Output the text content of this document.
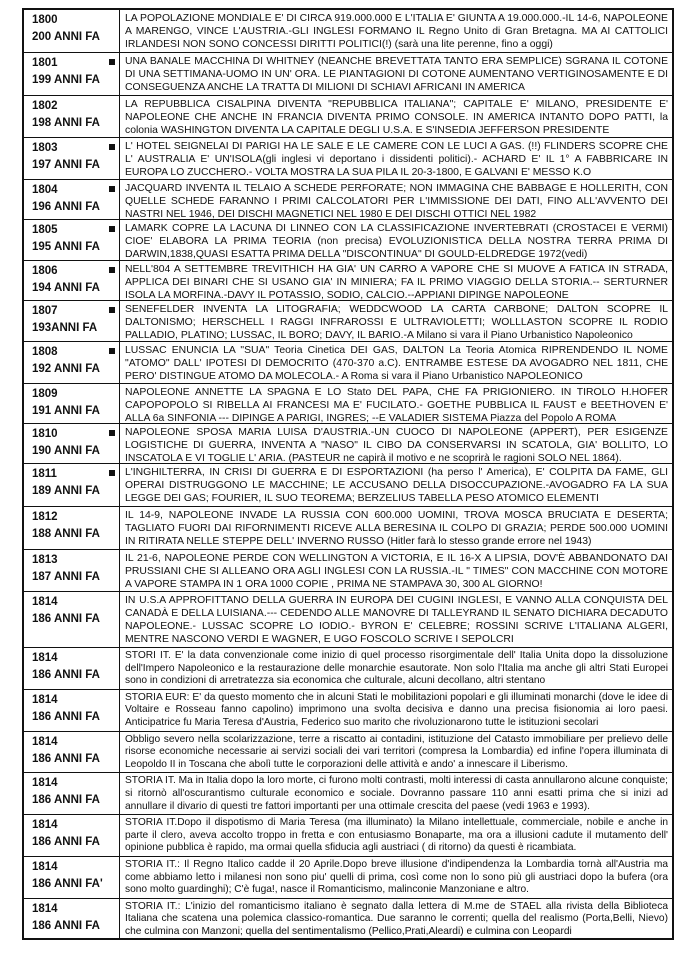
1800
200 ANNI FA
LA POPOLAZIONE MONDIALE E' DI CIRCA 919.000.000 E L'ITALIA E' GIUNTA A 19.000.000.-IL 14-6, NAPOLEONE A MARENGO, VINCE L'AUSTRIA.-GLI INGLESI FORMANO IL Regno Unito di Gran Bretagna. MA AI CATTOLICI IRLANDESI NON SONO CONCESSI DIRITTI POLITICI(!) (sarà una lite perenne, fino a oggi)
1801
199 ANNI FA
UNA BANALE MACCHINA DI WHITNEY (NEANCHE BREVETTATA TANTO ERA SEMPLICE) SGRANA IL COTONE DI UNA SETTIMANA-UOMO IN UN' ORA. LE PIANTAGIONI DI COTONE AUMENTANO VERTIGINOSAMENTE E DI CONSEGUENZA ANCHE LA TRATTA DI MILIONI DI SCHIAVI AFRICANI IN AMERICA
1802
198 ANNI FA
LA REPUBBLICA CISALPINA DIVENTA "REPUBBLICA ITALIANA"; CAPITALE E' MILANO, PRESIDENTE E' NAPOLEONE CHE ANCHE IN FRANCIA DIVENTA PRIMO CONSOLE. IN AMERICA INTANTO DOPO PATTI, la colonia WASHINGTON DIVENTA LA CAPITALE DEGLI U.S.A. E S'INSEDIA JEFFERSON PRESIDENTE
1803
197 ANNI FA
L' HOTEL SEIGNELAI DI PARIGI HA LE SALE E LE CAMERE CON LE LUCI A GAS. (!!) FLINDERS SCOPRE CHE L' AUSTRALIA E' UN'ISOLA(gli inglesi vi deportano i dissidenti politici).- ACHARD E' IL 1° A FABBRICARE IN EUROPA LO ZUCCHERO.- VOLTA MOSTRA LA SUA PILA IL 20-3-1800, E GALVANI E' MESSO K.O
1804
196 ANNI FA
JACQUARD INVENTA IL TELAIO A SCHEDE PERFORATE; NON IMMAGINA CHE BABBAGE E HOLLERITH, CON QUELLE SCHEDE FARANNO I PRIMI CALCOLATORI PER L'IMMISSIONE DEI DATI, FINO ALL'AVVENTO DEI NASTRI NEL 1946, DEI DISCHI MAGNETICI NEL 1980 E DEI DISCHI OTTICI NEL 1982
1805
195 ANNI FA
LAMARK COPRE LA LACUNA DI LINNEO CON LA CLASSIFICAZIONE INVERTEBRATI (CROSTACEI E VERMI) CIOE' ELABORA LA PRIMA TEORIA (non precisa) EVOLUZIONISTICA DELLA NOSTRA TERRA PRIMA DI DARWIN,1838,QUASI ESATTA PRIMA DELLA "DISCONTINUA" DI GOULD-ELDREDGE 1972(vedi)
1806
194 ANNI FA
NELL'804 A SETTEMBRE TREVITHICH HA GIA' UN CARRO A VAPORE CHE SI MUOVE A FATICA IN STRADA, APPLICA DEI BINARI CHE SI USANO GIA' IN MINIERA; FA IL PRIMO VIAGGIO DELLA STORIA.-- SERTURNER ISOLA LA MORFINA.-DAVY IL POTASSIO, SODIO, CALCIO.--APPIANI DIPINGE NAPOLEONE
1807
193ANNI FA
SENEFELDER INVENTA LA LITOGRAFIA; WEDDCWOOD LA CARTA CARBONE; DALTON SCOPRE IL DALTONISMO; HERSCHELL I RAGGI INFRAROSSI E ULTRAVIOLETTI; WOLLLASTON SCOPRE IL RODIO PALLADIO, PLATINO; LUSSAC, IL BORO; DAVY, IL BARIO.-A Milano si vara il Piano Urbanistico Napoleonico
1808
192 ANNI FA
LUSSAC ENUNCIA LA "SUA" Teoria Cinetica DEI GAS, DALTON La Teoria Atomica RIPRENDENDO IL NOME "ATOMO" DALL' IPOTESI DI DEMOCRITO (470-370 a.C). ENTRAMBE ESTESE DA AVOGADRO NEL 1811, CHE PERO' DISTINGUE ATOMO DA MOLECOLA.- A Roma si vara il Piano Urbanistico NAPOLEONICO
1809
191 ANNI FA
NAPOLEONE ANNETTE LA SPAGNA E LO Stato DEL PAPA, CHE FA PRIGIONIERO. IN TIROLO H.HOFER CAPOPOPOLO SI RIBELLA AI FRANCESI MA E' FUCILATO.- GOETHE PUBBLICA IL FAUST e BEETHOVEN E' ALLA 6a SINFONIA --- DIPINGE A PARIGI, INGRES; --E VALADIER SISTEMA Piazza del Popolo A ROMA
1810
190 ANNI FA
NAPOLEONE SPOSA MARIA LUISA D'AUSTRIA.-UN CUOCO DI NAPOLEONE (APPERT), PER ESIGENZE LOGISTICHE DI GUERRA, INVENTA A "NASO" IL CIBO DA CONSERVARSI IN SCATOLA, GIA' BOLLITO, LO INSCATOLA E VI TOGLIE L' ARIA. (PASTEUR ne capirà il motivo e ne scoprirà le ragioni SOLO NEL 1864).
1811
189 ANNI FA
L'INGHILTERRA, IN CRISI DI GUERRA E DI ESPORTAZIONI (ha perso l' America), E' COLPITA DA FAME, GLI OPERAI DISTRUGGONO LE MACCHINE; LE ACCUSANO DELLA DISOCCUPAZIONE.-AVOGADRO FA LA SUA LEGGE DEI GAS; FOURIER, IL SUO TEOREMA; BERZELIUS TABELLA PESO ATOMICO ELEMENTI
1812
188 ANNI FA
IL 14-9, NAPOLEONE INVADE LA RUSSIA CON 600.000 UOMINI, TROVA MOSCA BRUCIATA E DESERTA; TAGLIATO FUORI DAI RIFORNIMENTI RICEVE ALLA BERESINA IL COLPO DI GRAZIA; PERDE 500.000 UOMINI IN RITIRATA NELLE STEPPE DELL' INVERNO RUSSO (Hitler farà lo stesso grande errore nel 1943)
1813
187 ANNI FA
IL 21-6, NAPOLEONE PERDE CON WELLINGTON A VICTORIA, E IL 16-X A LIPSIA, DOV'È ABBANDONATO DAI PRUSSIANI CHE SI ALLEANO ORA AGLI INGLESI CON LA RUSSIA.-IL " TIMES" CON MACCHINE CON MOTORE A VAPORE STAMPA IN 1 ORA 1000 COPIE , PRIMA NE STAMPAVA 30, 300 AL GIORNO!
1814
186 ANNI FA
IN U.S.A APPROFITTANO DELLA GUERRA IN EUROPA DEI CUGINI INGLESI, E VANNO ALLA CONQUISTA DEL CANADÀ E DELLA LUISIANA.--- CEDENDO ALLE MANOVRE DI TALLEYRAND IL SENATO DICHIARA DECADUTO NAPOLEONE.- LUSSAC SCOPRE LO IODIO.- BYRON E' CELEBRE; ROSSINI SCRIVE L'ITALIANA ALGERI, MENTRE NASCONO VERDI E WAGNER, E UGO FOSCOLO SCRIVE I SEPOLCRI
1814
186 ANNI FA
STORI IT. E' la data convenzionale come inizio di quel processo risorgimentale dell' Italia Unita dopo la dissoluzione dell'Impero Napoleonico e la restaurazione delle monarchie esautorate. Non solo l'Italia ma anche gli altri Stati Europei sono in condizioni di arretratezza sia economica che culturale, alcuni decollano, altri stentano
1814
186 ANNI FA
STORIA EUR: E' da questo momento che in alcuni Stati le mobilitazioni popolari e gli illuminati monarchi (dove le idee di Voltaire e Rosseau fanno capolino) imprimono una svolta decisiva e danno una precisa fisionomia ai loro paesi. Anticipatrice fu Maria Teresa d'Austria, Federico suo marito che rivoluzionarono tutte le istituzioni secolari
1814
186 ANNI FA
Obbligo severo nella scolarizzazione, terre a riscatto ai contadini, istituzione del Catasto immobiliare per prelievo delle risorse economiche necessarie ai servizi sociali dei vari territori (compresa la Lombardia) ed infine l'opera illuminata di Leopoldo II in Toscana che abolì tutte le corporazioni delle attività e ando' a innescare il Liberismo.
1814
186 ANNI FA
STORIA IT. Ma in Italia dopo la loro morte, ci furono molti contrasti, molti interessi di casta annullarono alcune conquiste; si ritornò all'oscurantismo culturale economico e sociale. Dovranno passare 110 anni esatti prima che si inizi ad annullare il divario di questi tre fattori importanti per una ottimale crescita del paese (vedi 1963 e 1993).
1814
186 ANNI FA
STORIA IT.Dopo il dispotismo di Maria Teresa (ma illuminato) la Milano intellettuale, commerciale, nobile e anche in parte il clero, aveva accolto troppo in fretta e con entusiasmo Bonaparte, ma ora a illusioni cadute il mutamento dell' opinione pubblica è rapido, ma ormai quella sfiducia agli austriaci ( di ritorno) da questi è ricambiata.
1814
186 ANNI FA'
STORIA IT.: Il Regno Italico cadde il 20 Aprile.Dopo breve illusione d'indipendenza la Lombardia tornà all'Austria ma come abbiamo letto i milanesi non sono piu' quelli di prima, così come non lo sono più gli austriaci dopo la bufera (ora sono molto guardinghi); C'è fuga!, nasce il Romanticismo, malinconie Manzoniane e altro.
1814
186 ANNI FA
STORIA IT.: L'inizio del romanticismo italiano è segnato dalla lettera di M.me de STAEL alla rivista della Biblioteca Italiana che scatena una polemica classico-romantica. Due saranno le correnti; quella del realismo (Porta,Belli, Nievo) che culmina con Manzoni; quella del sentimentalismo (Pellico,Prati,Aleardi) e culmina con Leopardi
